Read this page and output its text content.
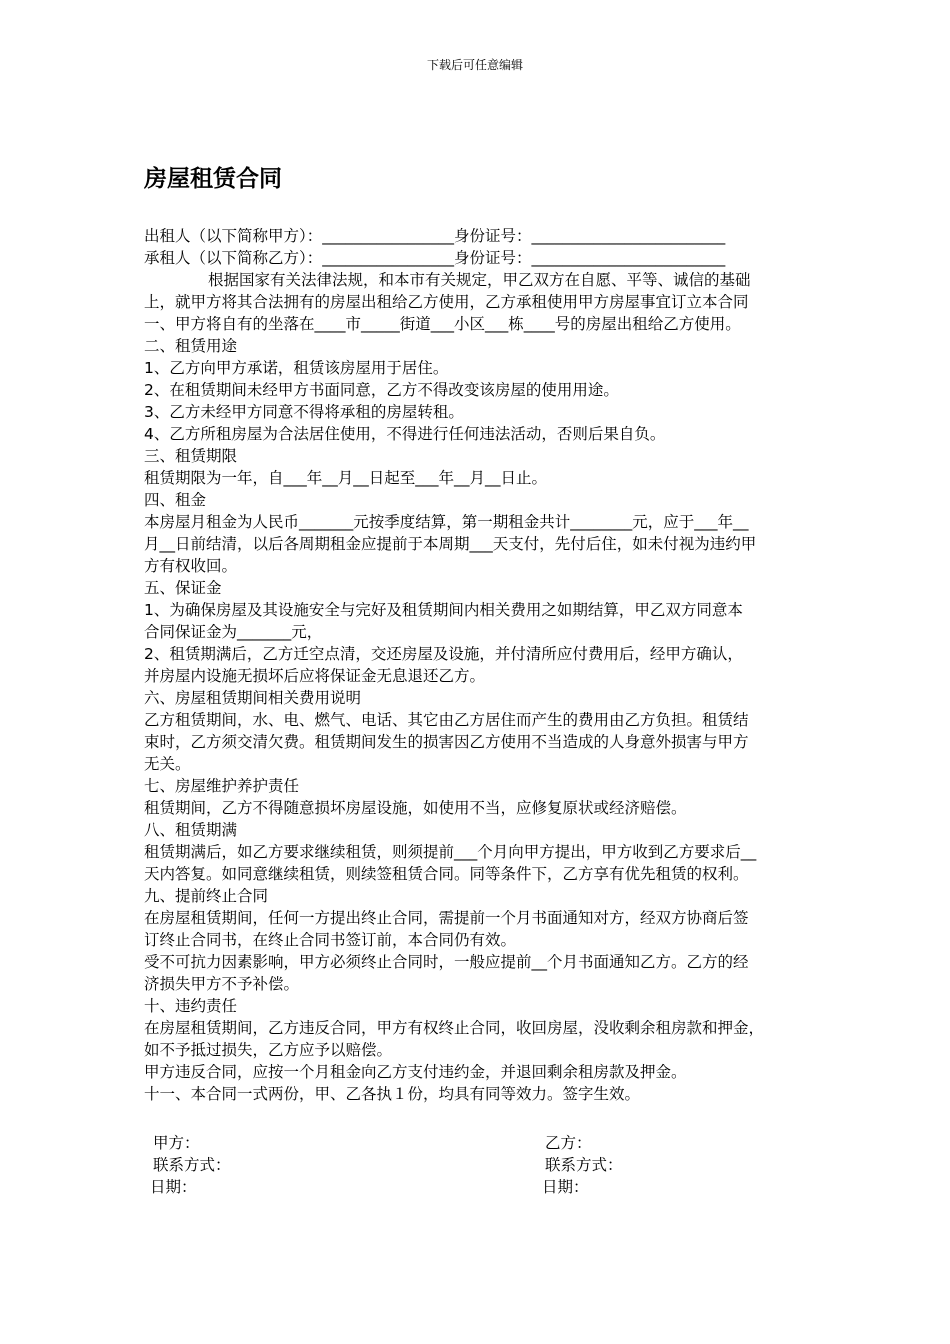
下载后可任意编辑
房屋租赁合同
出租人（以下简称甲方）：_________________身份证号：_________________________
承租人（以下简称乙方）：_________________身份证号：_________________________
根据国家有关法律法规，和本市有关规定，甲乙双方在自愿、平等、诚信的基础
上，就甲方将其合法拥有的房屋出租给乙方使用，乙方承租使用甲方房屋事宜订立本合同
一、甲方将自有的坐落在____市_____街道___小区___栋____号的房屋出租给乙方使用。
二、租赁用途
1、乙方向甲方承诺，租赁该房屋用于居住。
2、在租赁期间未经甲方书面同意，乙方不得改变该房屋的使用用途。
3、乙方未经甲方同意不得将承租的房屋转租。
4、乙方所租房屋为合法居住使用，不得进行任何违法活动，否则后果自负。
三、租赁期限
租赁期限为一年，自___年__月__日起至___年__月__日止。
四、租金
本房屋月租金为人民币_______元按季度结算，第一期租金共计________元，应于___年__
月__日前结清，以后各周期租金应提前于本周期___天支付，先付后住，如未付视为违约甲
方有权收回。
五、保证金
1、为确保房屋及其设施安全与完好及租赁期间内相关费用之如期结算，甲乙双方同意本
合同保证金为_______元，
2、租赁期满后，乙方迁空点清，交还房屋及设施，并付清所应付费用后，经甲方确认，
并房屋内设施无损坏后应将保证金无息退还乙方。
六、房屋租赁期间相关费用说明
乙方租赁期间，水、电、燃气、电话、其它由乙方居住而产生的费用由乙方负担。租赁结
束时，乙方须交清欠费。租赁期间发生的损害因乙方使用不当造成的人身意外损害与甲方
无关。
七、房屋维护养护责任
租赁期间，乙方不得随意损坏房屋设施，如使用不当，应修复原状或经济赔偿。
八、租赁期满
租赁期满后，如乙方要求继续租赁，则须提前___个月向甲方提出，甲方收到乙方要求后__
天内答复。如同意继续租赁，则续签租赁合同。同等条件下，乙方享有优先租赁的权利。
九、提前终止合同
在房屋租赁期间，任何一方提出终止合同，需提前一个月书面通知对方，经双方协商后签
订终止合同书，在终止合同书签订前，本合同仍有效。
受不可抗力因素影响，甲方必须终止合同时，一般应提前__个月书面通知乙方。乙方的经
济损失甲方不予补偿。
十、违约责任
在房屋租赁期间，乙方违反合同，甲方有权终止合同，收回房屋，没收剩余租房款和押金，
如不予抵过损失，乙方应予以赔偿。
甲方违反合同，应按一个月租金向乙方支付违约金，并退回剩余租房款及押金。
十一、本合同一式两份，甲、乙各执１份，均具有同等效力。签字生效。
甲方：
联系方式：
日期：
乙方：
联系方式：
日期：
